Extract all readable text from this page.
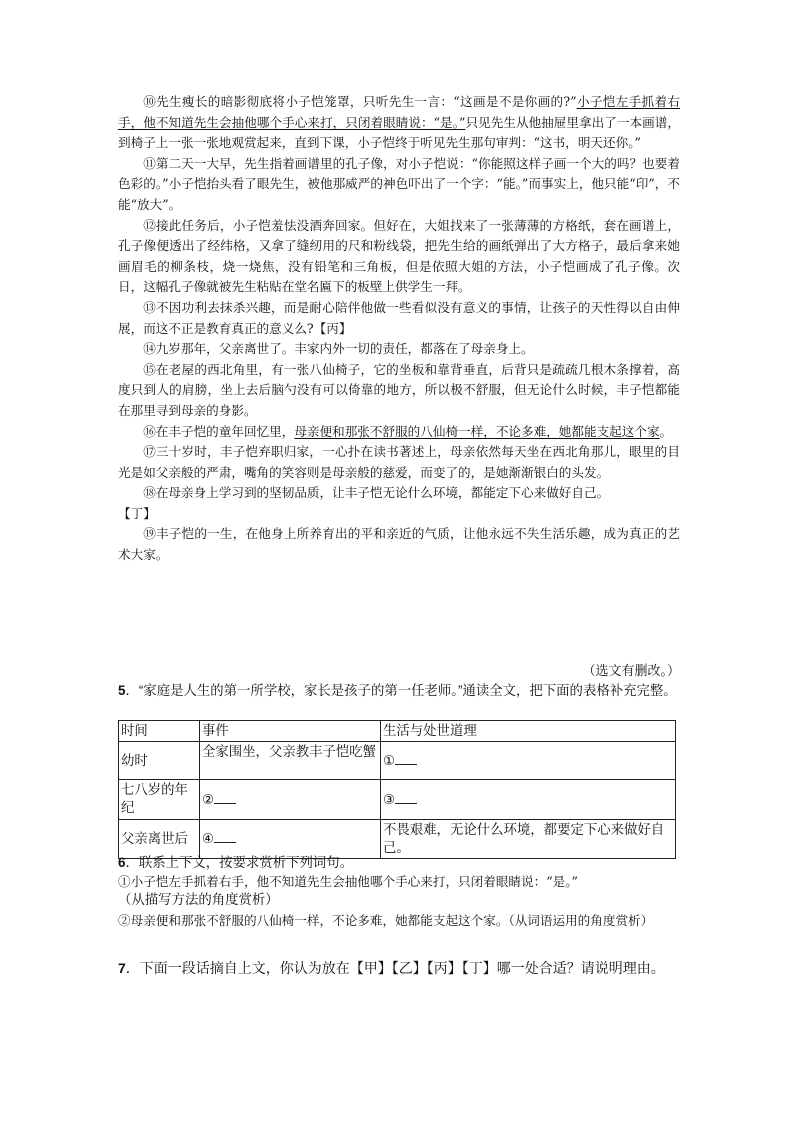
⑩先生瘦长的暗影彻底将小子恺笼罩，只听先生一言：“这画是不是你画的?”小子恺左手抓着右手，他不知道先生会抽他哪个手心来打，只闭着眼睛说：“是。”只见先生从他抽屉里拿出了一本画谱，到椅子上一张一张地观赏起来，直到下课，小子恺终于听见先生那句审判：“这书，明天还你。”

⑪第二天一大早，先生指着画谱里的孔子像，对小子恺说：“你能照这样子画一个大的吗？也要着色彩的。”小子恺抬头看了眼先生，被他那威严的神色吓出了一个字：“能。”而事实上，他只能“印”，不能“放大”。

⑫接此任务后，小子恺羞怯没酒奔回家。但好在，大姐找来了一张薄薄的方格纸，套在画谱上，孔子像便透出了经纬格，又拿了缝纫用的尺和粉线袋，把先生给的画纸弹出了大方格子，最后拿来她画眉毛的柳条枝，烧一烧焦，没有铅笔和三角板，但是依照大姐的方法，小子恺画成了孔子像。次日，这幅孔子像就被先生粘贴在堂名匾下的板壁上供学生一拜。

⑬不因功利去抹杀兴趣，而是耐心陪伴他做一些看似没有意义的事情，让孩子的天性得以自由伸展，而这不正是教育真正的意义么?【丙】

⑭九岁那年，父亲离世了。丰家内外一切的责任，都落在了母亲身上。

⑮在老屋的西北角里，有一张八仙椅子，它的坐板和靠背垂直，后背只是疏疏几根木条撑着，高度只到人的肩膀，坐上去后脑勺没有可以倚靠的地方，所以极不舒服，但无论什么时候，丰子恺都能在那里寻到母亲的身影。

⑯在丰子恺的童年回忆里，母亲便和那张不舒服的八仙椅一样，不论多难，她都能支起这个家。

⑰三十岁时，丰子恺弃职归家，一心扑在读书著述上，母亲依然每天坐在西北角那儿，眼里的目光是如父亲般的严肃，嘴角的笑容则是母亲般的慈爱，而变了的，是她渐渐银白的头发。

⑱在母亲身上学习到的坚韧品质，让丰子恺无论什么环境，都能定下心来做好自己。

【丁】

⑲丰子恺的一生，在他身上所养育出的平和亲近的气质，让他永远不失生活乐趣，成为真正的艺术大家。

（选文有删改。）

5．“家庭是人生的第一所学校，家长是孩子的第一任老师。”通读全文，把下面的表格补充完整。

时间	事件	生活与处世道理
幼时	全家围坐，父亲教丰子恺吃蟹	①
七八岁的年纪	②	③
父亲离世后	④	不畏艰难，无论什么环境，都要定下心来做好自己。

6．联系上下文，按要求赏析下列词句。

①小子恺左手抓着右手，他不知道先生会抽他哪个手心来打，只闭着眼睛说：“是。”

（从描写方法的角度赏析）

②母亲便和那张不舒服的八仙椅一样，不论多难，她都能支起这个家。（从词语运用的角度赏析）

7．下面一段话摘自上文，你认为放在【甲】【乙】【丙】【丁】哪一处合适？请说明理由。
